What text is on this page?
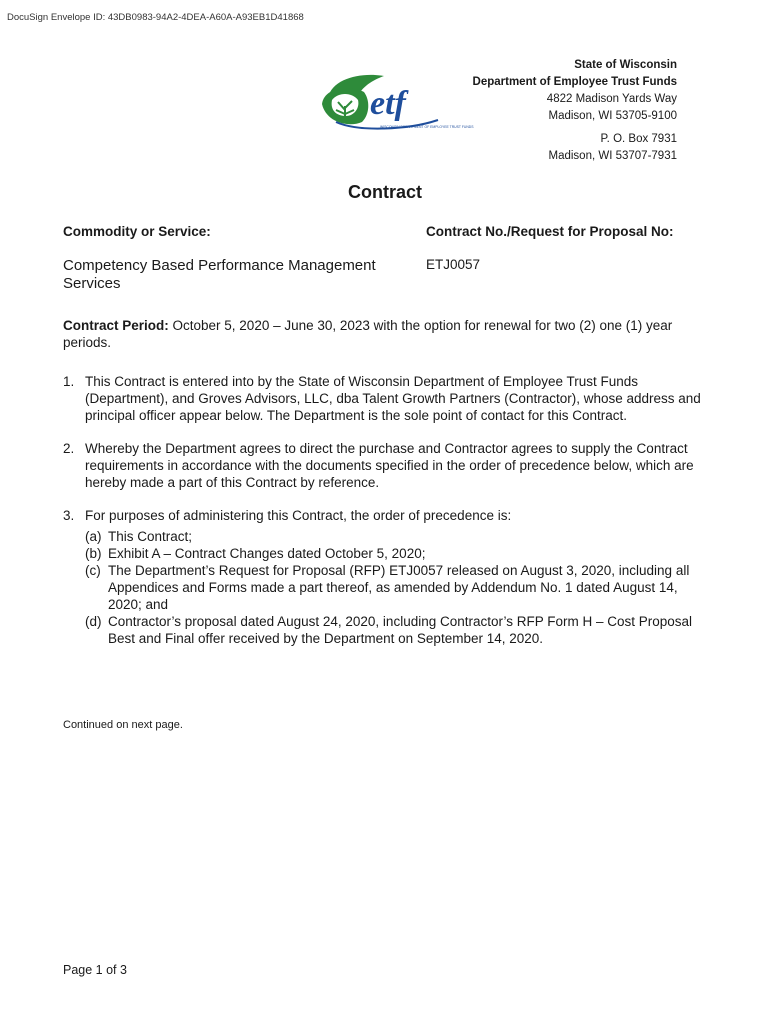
DocuSign Envelope ID: 43DB0983-94A2-4DEA-A60A-A93EB1D41868
etf
WISCONSIN DEPARTMENT OF EMPLOYEE TRUST FUNDS
State of Wisconsin
Department of Employee Trust Funds
4822 Madison Yards Way
Madison, WI 53705-9100
P. O. Box 7931
Madison, WI 53707-7931
Contract
Commodity or Service:	Contract No./Request for Proposal No:
Competency Based Performance Management Services
ETJ0057
Contract Period: October 5, 2020 – June 30, 2023 with the option for renewal for two (2) one (1) year periods.
1. This Contract is entered into by the State of Wisconsin Department of Employee Trust Funds (Department), and Groves Advisors, LLC, dba Talent Growth Partners (Contractor), whose address and principal officer appear below. The Department is the sole point of contact for this Contract.
2. Whereby the Department agrees to direct the purchase and Contractor agrees to supply the Contract requirements in accordance with the documents specified in the order of precedence below, which are hereby made a part of this Contract by reference.
3. For purposes of administering this Contract, the order of precedence is:
(a) This Contract;
(b) Exhibit A – Contract Changes dated October 5, 2020;
(c) The Department’s Request for Proposal (RFP) ETJ0057 released on August 3, 2020, including all Appendices and Forms made a part thereof, as amended by Addendum No. 1 dated August 14, 2020; and
(d) Contractor’s proposal dated August 24, 2020, including Contractor’s RFP Form H – Cost Proposal Best and Final offer received by the Department on September 14, 2020.
Continued on next page.
Page 1 of 3
